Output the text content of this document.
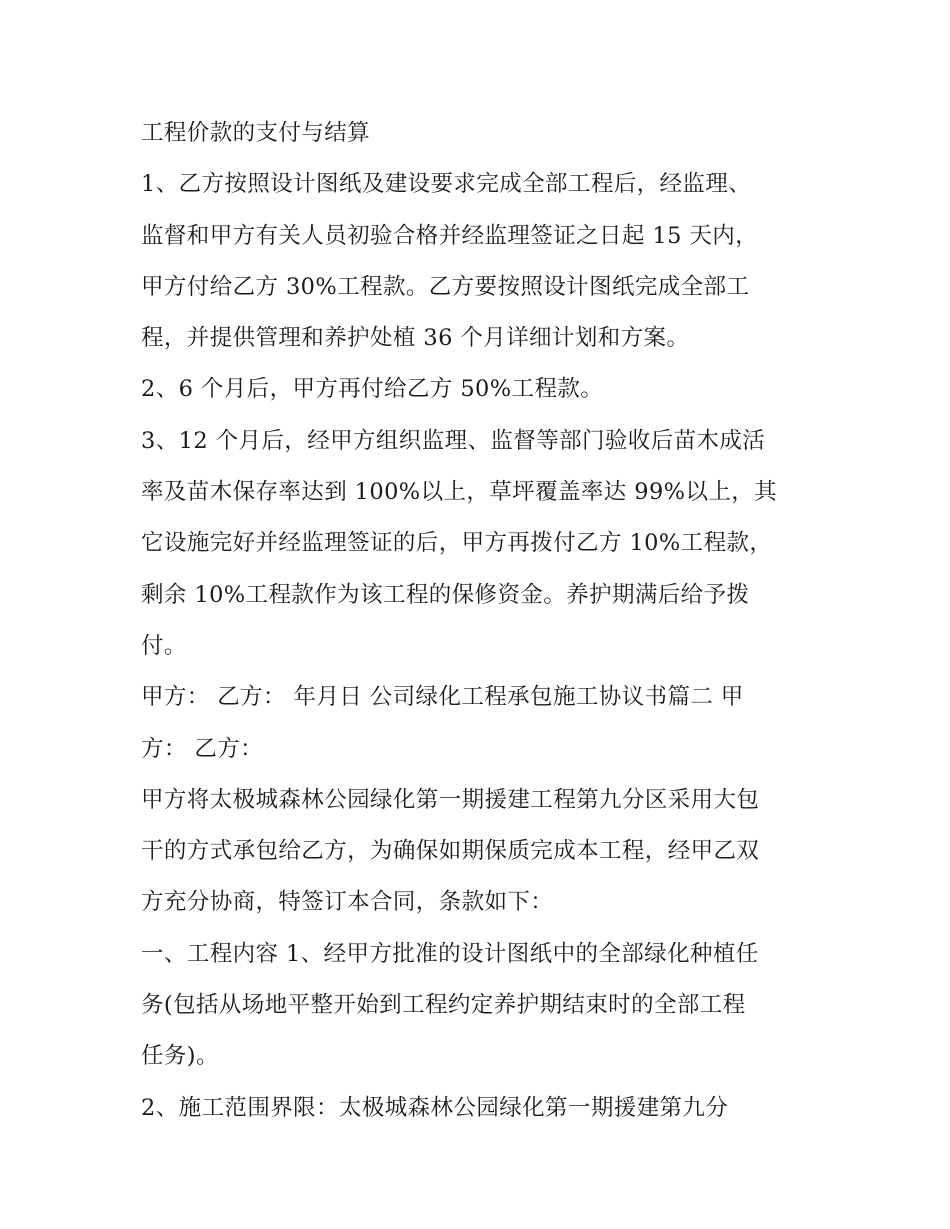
工程价款的支付与结算
1、乙方按照设计图纸及建设要求完成全部工程后，经监理、
监督和甲方有关人员初验合格并经监理签证之日起 15 天内，
甲方付给乙方 30%工程款。乙方要按照设计图纸完成全部工
程，并提供管理和养护处植 36 个月详细计划和方案。
2、6 个月后，甲方再付给乙方 50%工程款。
3、12 个月后，经甲方组织监理、监督等部门验收后苗木成活
率及苗木保存率达到 100%以上，草坪覆盖率达 99%以上，其
它设施完好并经监理签证的后，甲方再拨付乙方 10%工程款，
剩余 10%工程款作为该工程的保修资金。养护期满后给予拨
付。
甲方： 乙方： 年月日 公司绿化工程承包施工协议书篇二 甲
方： 乙方：
甲方将太极城森林公园绿化第一期援建工程第九分区采用大包
干的方式承包给乙方，为确保如期保质完成本工程，经甲乙双
方充分协商，特签订本合同，条款如下：
一、工程内容 1、经甲方批准的设计图纸中的全部绿化种植任
务(包括从场地平整开始到工程约定养护期结束时的全部工程
任务)。
2、施工范围界限：太极城森林公园绿化第一期援建第九分
